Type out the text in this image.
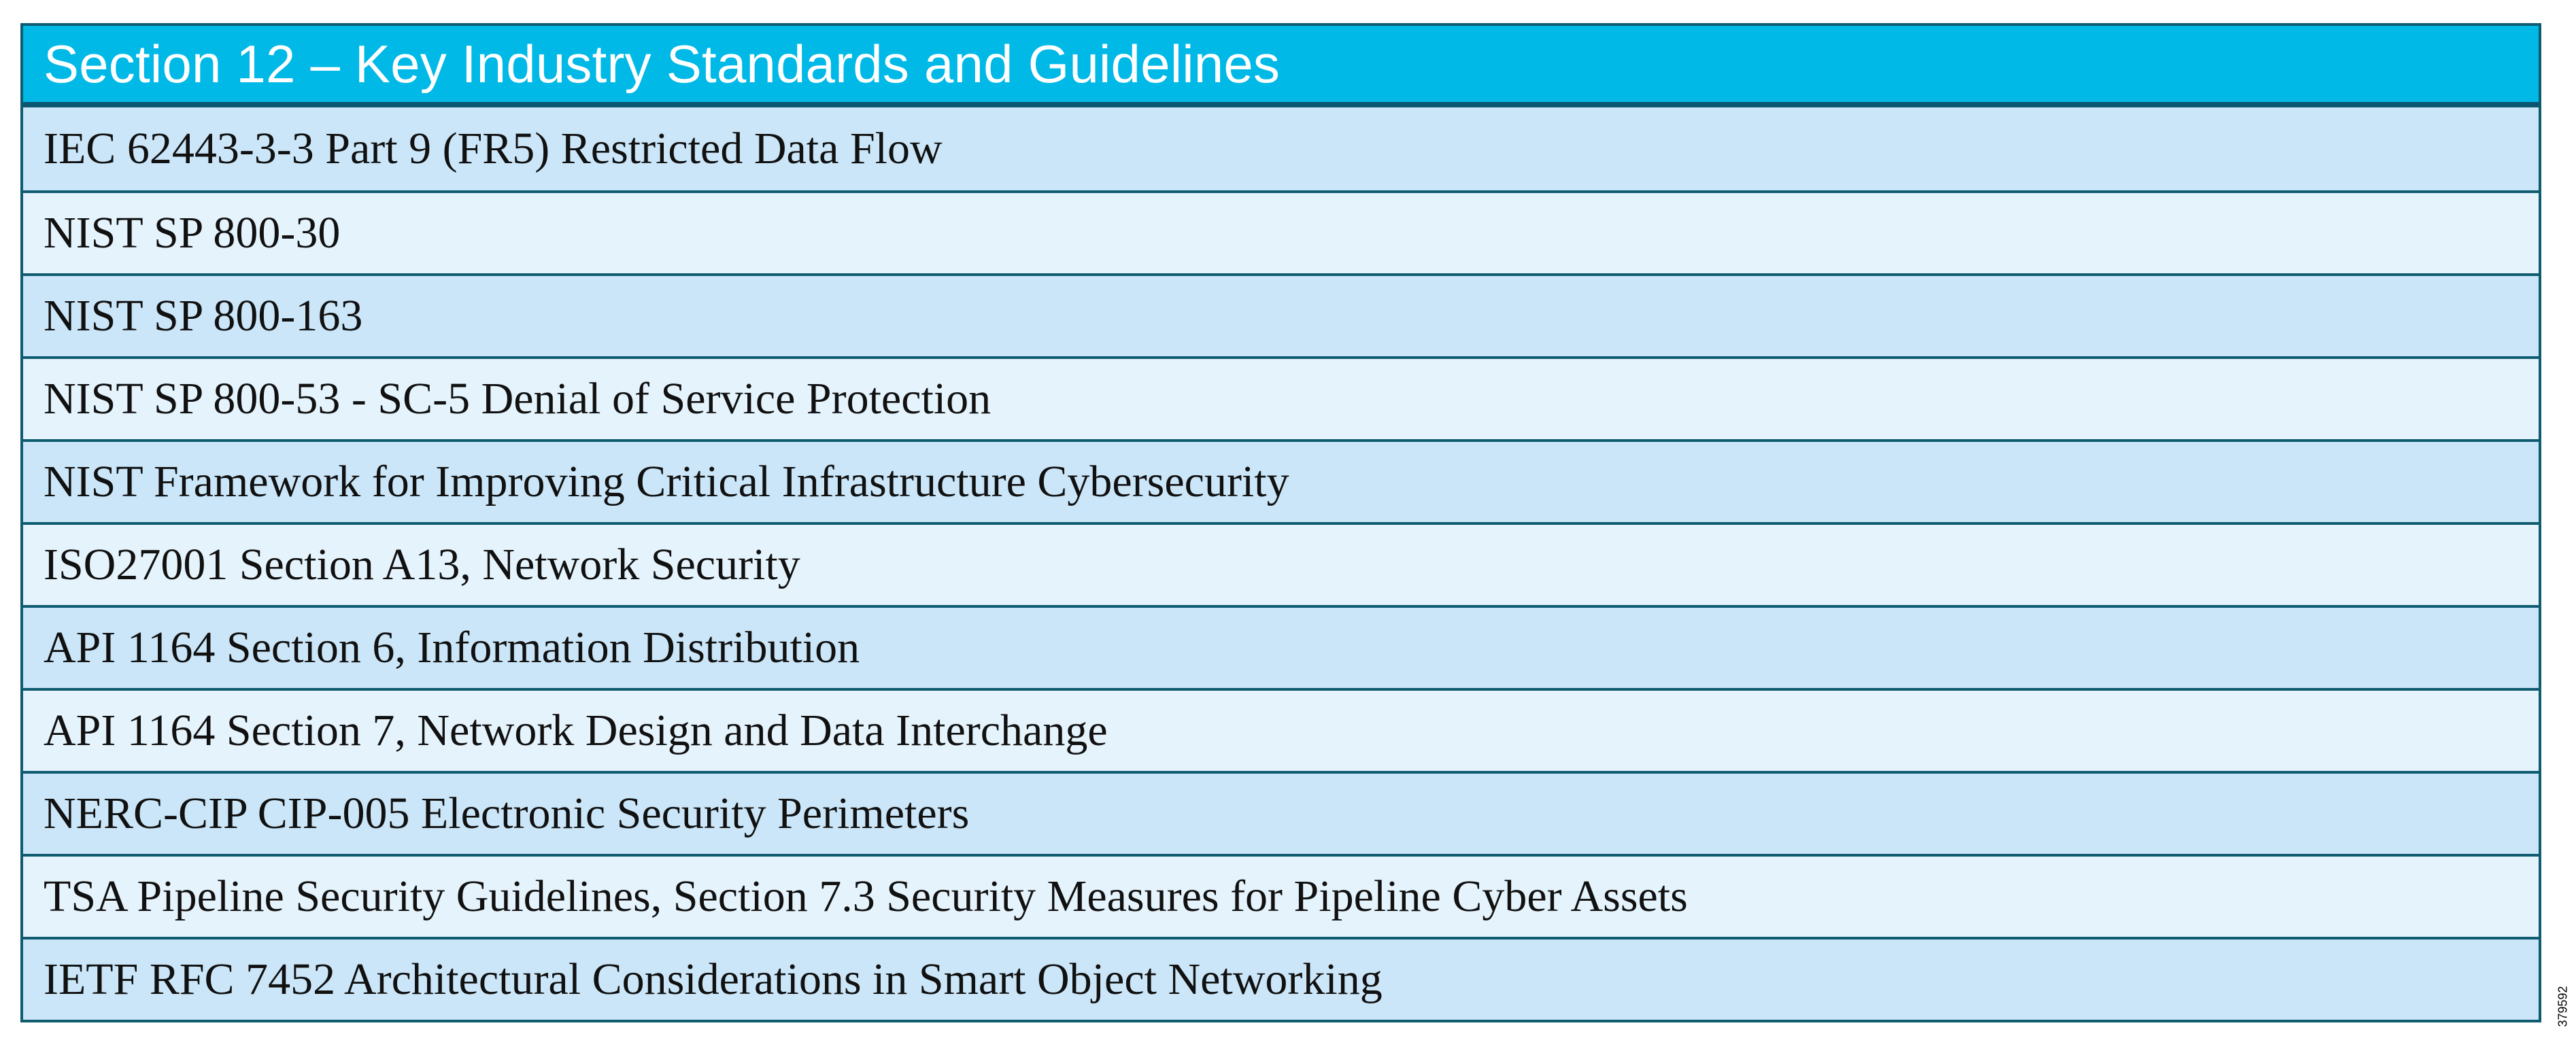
Section 12 – Key Industry Standards and Guidelines
IEC 62443-3-3 Part 9 (FR5) Restricted Data Flow
NIST SP 800-30
NIST SP 800-163
NIST SP 800-53 - SC-5 Denial of Service Protection
NIST Framework for Improving Critical Infrastructure Cybersecurity
ISO27001 Section A13, Network Security
API 1164 Section 6, Information Distribution
API 1164 Section 7, Network Design and Data Interchange
NERC-CIP CIP-005 Electronic Security Perimeters
TSA Pipeline Security Guidelines, Section 7.3 Security Measures for Pipeline Cyber Assets
IETF RFC 7452 Architectural Considerations in Smart Object Networking
379592
